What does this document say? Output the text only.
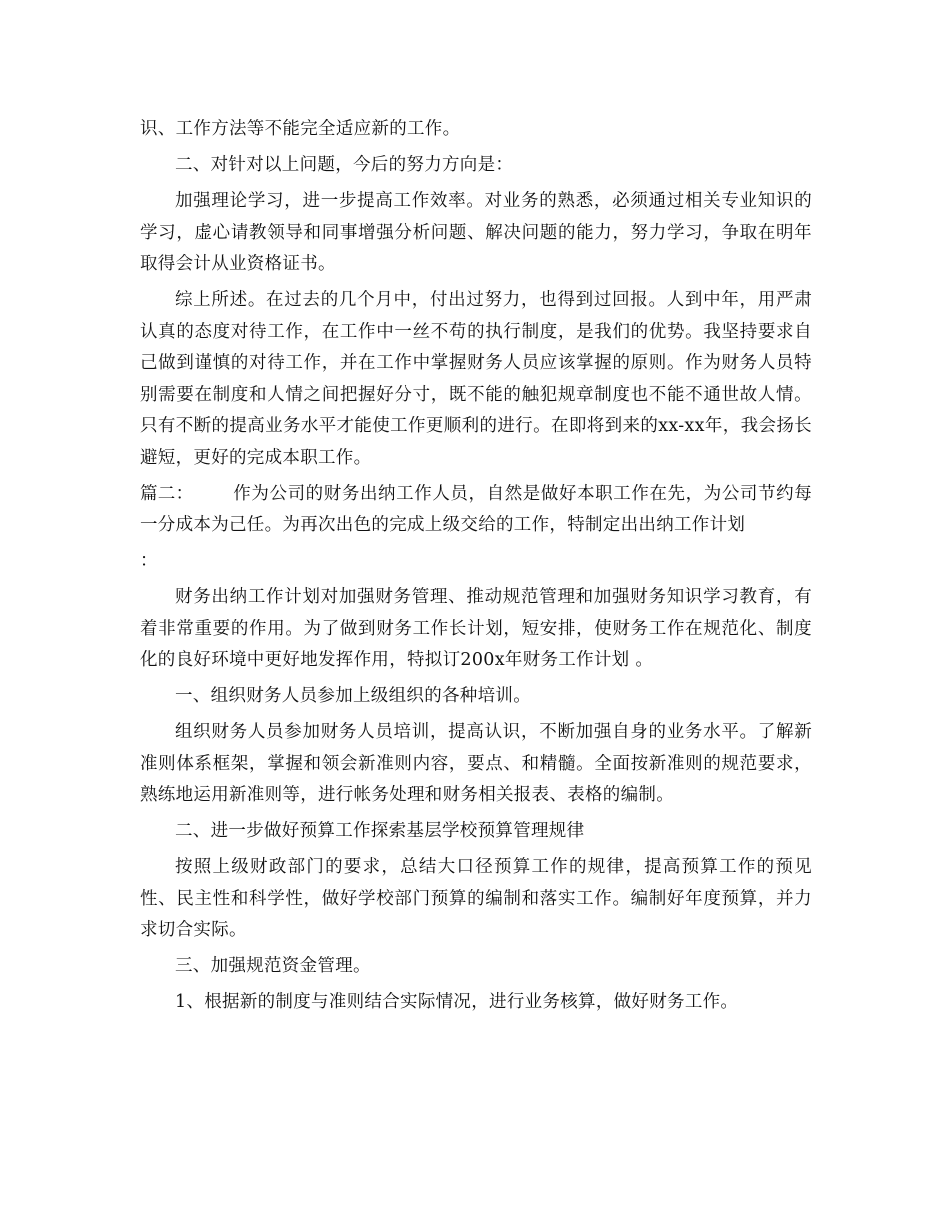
识、工作方法等不能完全适应新的工作。

二、对针对以上问题，今后的努力方向是：

加强理论学习，进一步提高工作效率。对业务的熟悉，必须通过相关专业知识的学习，虚心请教领导和同事增强分析问题、解决问题的能力，努力学习，争取在明年取得会计从业资格证书。

综上所述。在过去的几个月中，付出过努力，也得到过回报。人到中年，用严肃认真的态度对待工作，在工作中一丝不苟的执行制度，是我们的优势。我坚持要求自己做到谨慎的对待工作，并在工作中掌握财务人员应该掌握的原则。作为财务人员特别需要在制度和人情之间把握好分寸，既不能的触犯规章制度也不能不通世故人情。只有不断的提高业务水平才能使工作更顺利的进行。在即将到来的xx-xx年，我会扬长避短，更好的完成本职工作。

篇二： 作为公司的财务出纳工作人员，自然是做好本职工作在先，为公司节约每一分成本为己任。为再次出色的完成上级交给的工作，特制定出出纳工作计划

：

财务出纳工作计划对加强财务管理、推动规范管理和加强财务知识学习教育，有着非常重要的作用。为了做到财务工作长计划，短安排，使财务工作在规范化、制度化的良好环境中更好地发挥作用，特拟订200x年财务工作计划 。

一、组织财务人员参加上级组织的各种培训。

组织财务人员参加财务人员培训，提高认识，不断加强自身的业务水平。了解新准则体系框架，掌握和领会新准则内容，要点、和精髓。全面按新准则的规范要求，熟练地运用新准则等，进行帐务处理和财务相关报表、表格的编制。

二、进一步做好预算工作探索基层学校预算管理规律

按照上级财政部门的要求，总结大口径预算工作的规律，提高预算工作的预见性、民主性和科学性，做好学校部门预算的编制和落实工作。编制好年度预算，并力求切合实际。

三、加强规范资金管理。

1、根据新的制度与准则结合实际情况，进行业务核算，做好财务工作。
